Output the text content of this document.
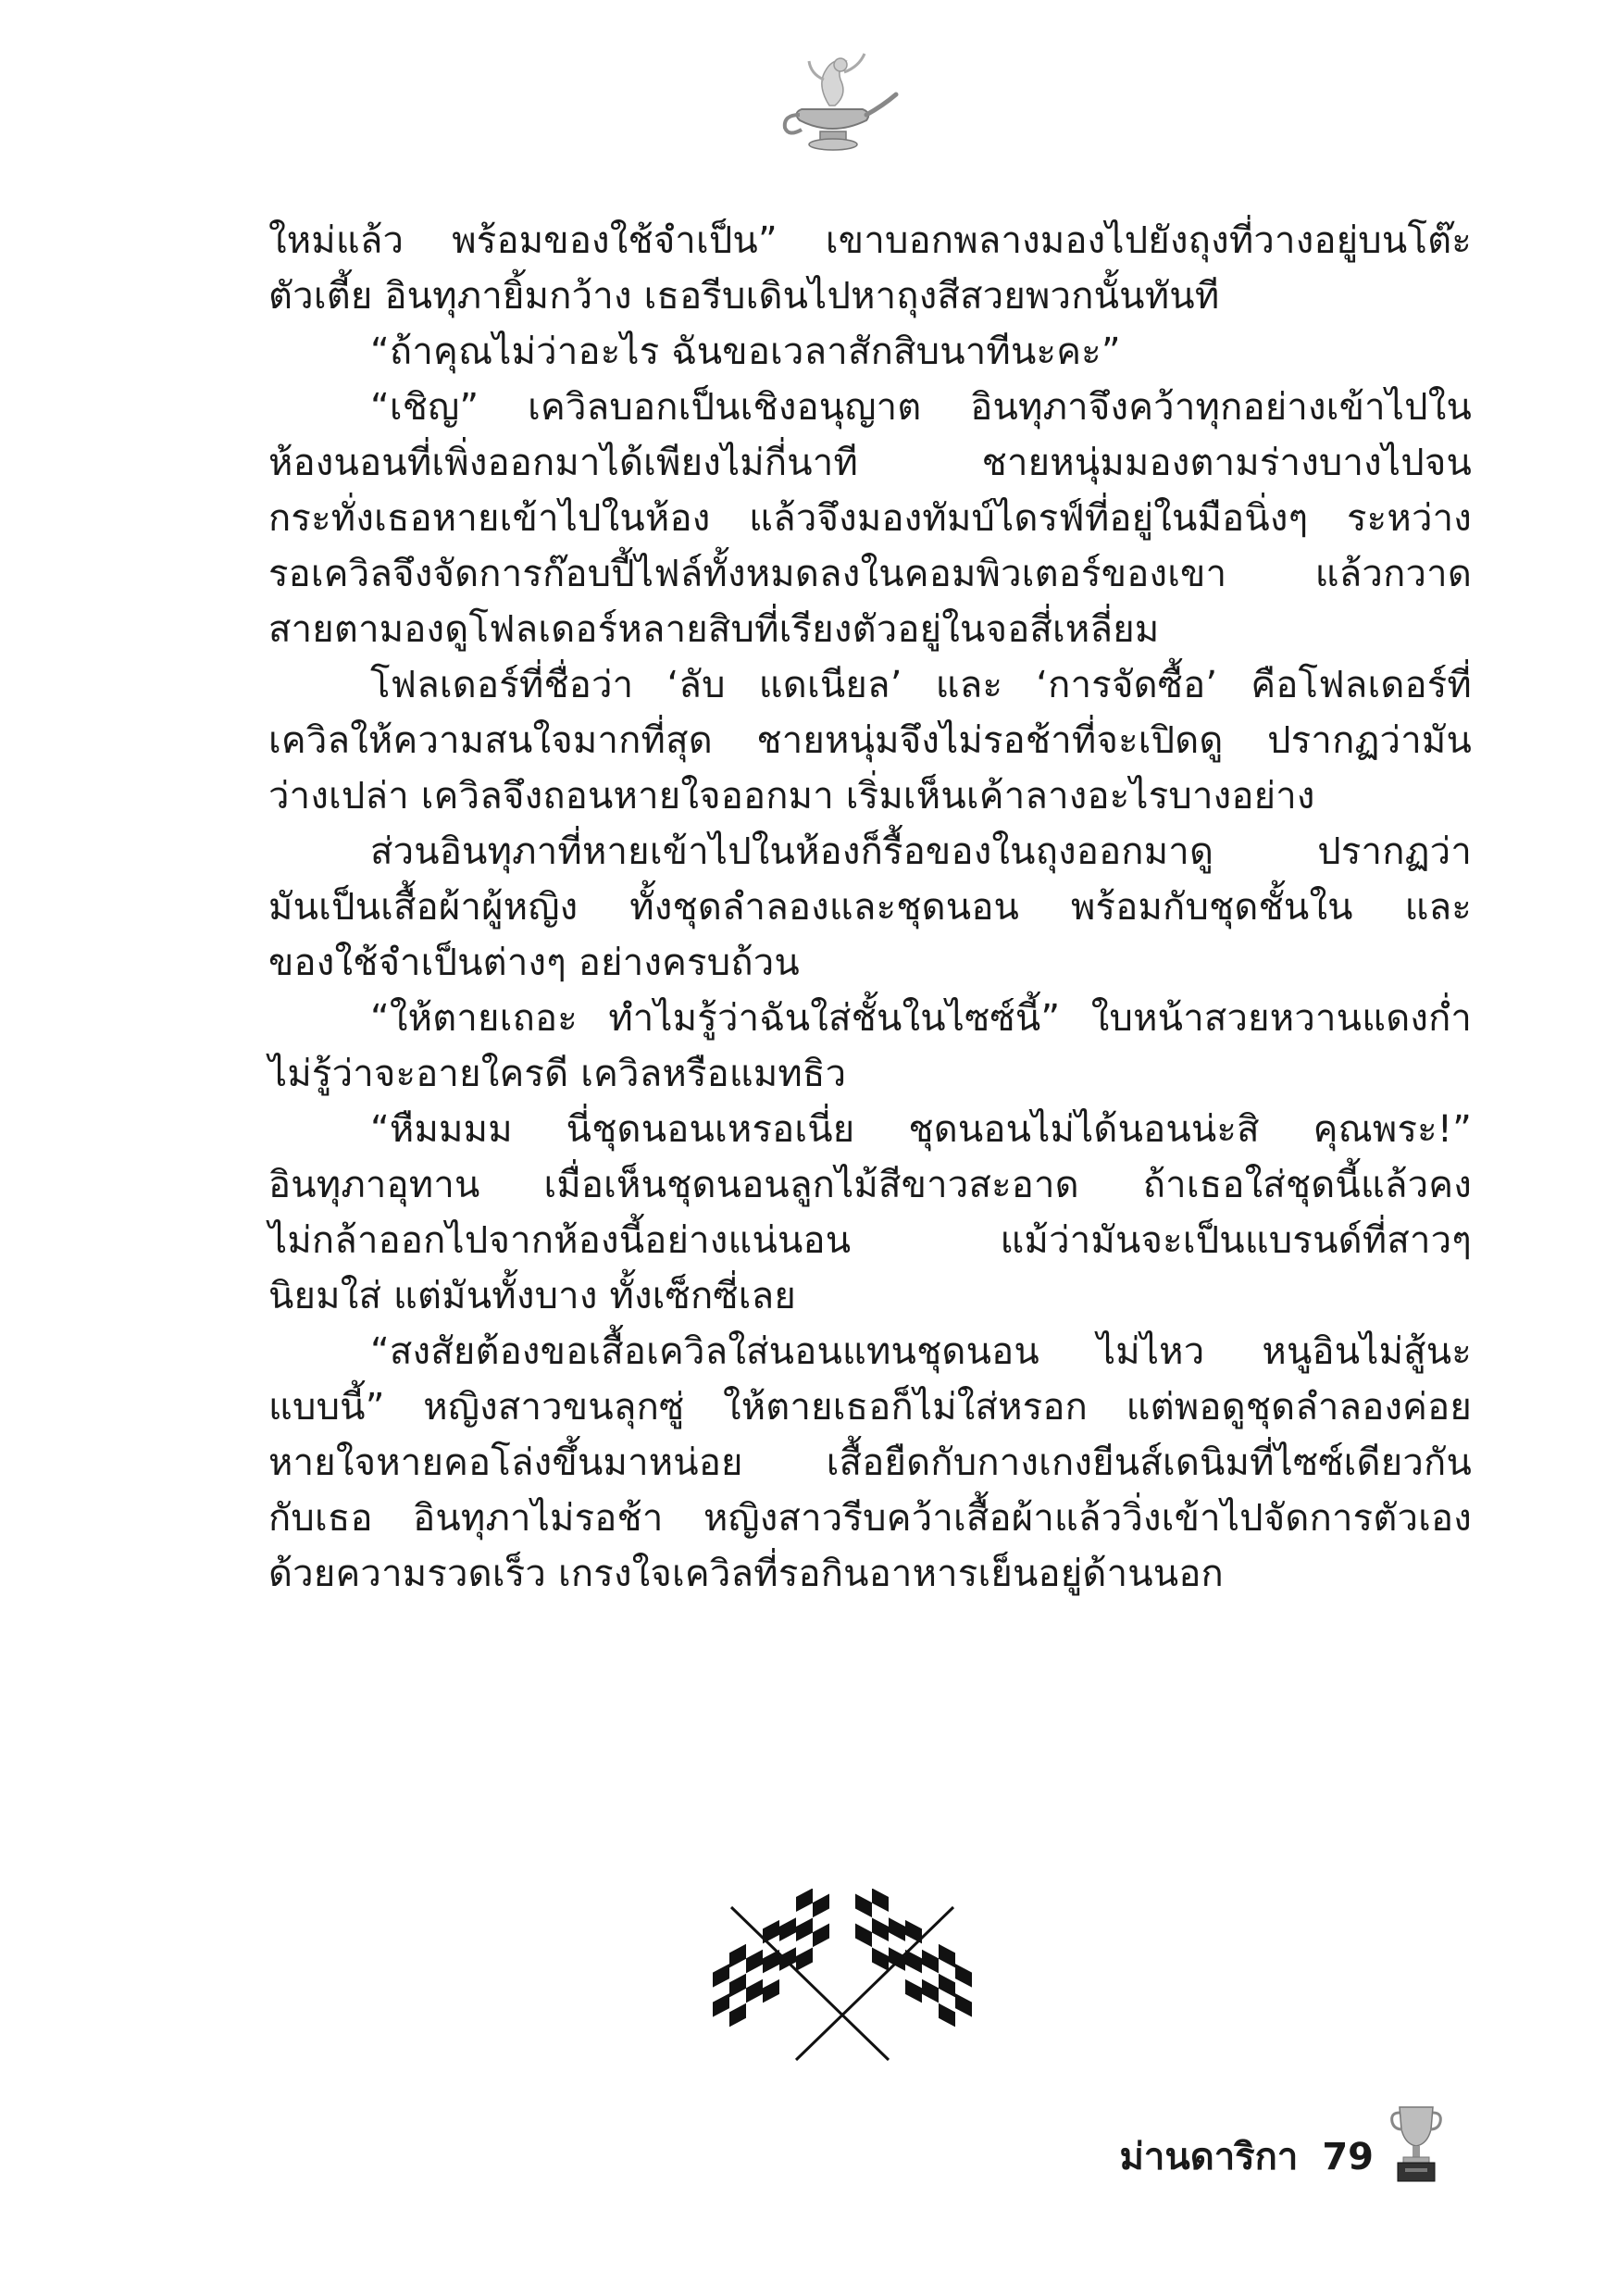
ใหม่แล้ว พร้อมของใช้จำเป็น” เขาบอกพลางมองไปยังถุงที่วางอยู่บนโต๊ะ
ตัวเตี้ย อินทุภายิ้มกว้าง เธอรีบเดินไปหาถุงสีสวยพวกนั้นทันที
“ถ้าคุณไม่ว่าอะไร ฉันขอเวลาสักสิบนาทีนะคะ”
“เชิญ” เควิลบอกเป็นเชิงอนุญาต อินทุภาจึงคว้าทุกอย่างเข้าไปใน
ห้องนอนที่เพิ่งออกมาได้เพียงไม่กี่นาที ชายหนุ่มมองตามร่างบางไปจน
กระทั่งเธอหายเข้าไปในห้อง แล้วจึงมองทัมบ์ไดรฟ์ที่อยู่ในมือนิ่งๆ ระหว่าง
รอเควิลจึงจัดการก๊อบปี้ไฟล์ทั้งหมดลงในคอมพิวเตอร์ของเขา แล้วกวาด
สายตามองดูโฟลเดอร์หลายสิบที่เรียงตัวอยู่ในจอสี่เหลี่ยม
โฟลเดอร์ที่ชื่อว่า ‘ลับ แดเนียล’ และ ‘การจัดซื้อ’ คือโฟลเดอร์ที่
เควิลให้ความสนใจมากที่สุด ชายหนุ่มจึงไม่รอช้าที่จะเปิดดู ปรากฏว่ามัน
ว่างเปล่า เควิลจึงถอนหายใจออกมา เริ่มเห็นเค้าลางอะไรบางอย่าง
ส่วนอินทุภาที่หายเข้าไปในห้องก็รื้อของในถุงออกมาดู ปรากฏว่า
มันเป็นเสื้อผ้าผู้หญิง ทั้งชุดลำลองและชุดนอน พร้อมกับชุดชั้นใน และ
ของใช้จำเป็นต่างๆ อย่างครบถ้วน
“ให้ตายเถอะ ทำไมรู้ว่าฉันใส่ชั้นในไซซ์นี้” ใบหน้าสวยหวานแดงก่ำ
ไม่รู้ว่าจะอายใครดี เควิลหรือแมทธิว
“หืมมมม นี่ชุดนอนเหรอเนี่ย ชุดนอนไม่ได้นอนน่ะสิ คุณพระ!”
อินทุภาอุทาน เมื่อเห็นชุดนอนลูกไม้สีขาวสะอาด ถ้าเธอใส่ชุดนี้แล้วคง
ไม่กล้าออกไปจากห้องนี้อย่างแน่นอน แม้ว่ามันจะเป็นแบรนด์ที่สาวๆ
นิยมใส่ แต่มันทั้งบาง ทั้งเซ็กซี่เลย
“สงสัยต้องขอเสื้อเควิลใส่นอนแทนชุดนอน ไม่ไหว หนูอินไม่สู้นะ
แบบนี้” หญิงสาวขนลุกซู่ ให้ตายเธอก็ไม่ใส่หรอก แต่พอดูชุดลำลองค่อย
หายใจหายคอโล่งขึ้นมาหน่อย เสื้อยืดกับกางเกงยีนส์เดนิมที่ไซซ์เดียวกัน
กับเธอ อินทุภาไม่รอช้า หญิงสาวรีบคว้าเสื้อผ้าแล้ววิ่งเข้าไปจัดการตัวเอง
ด้วยความรวดเร็ว เกรงใจเควิลที่รอกินอาหารเย็นอยู่ด้านนอก
ม่านดาริกา 79
